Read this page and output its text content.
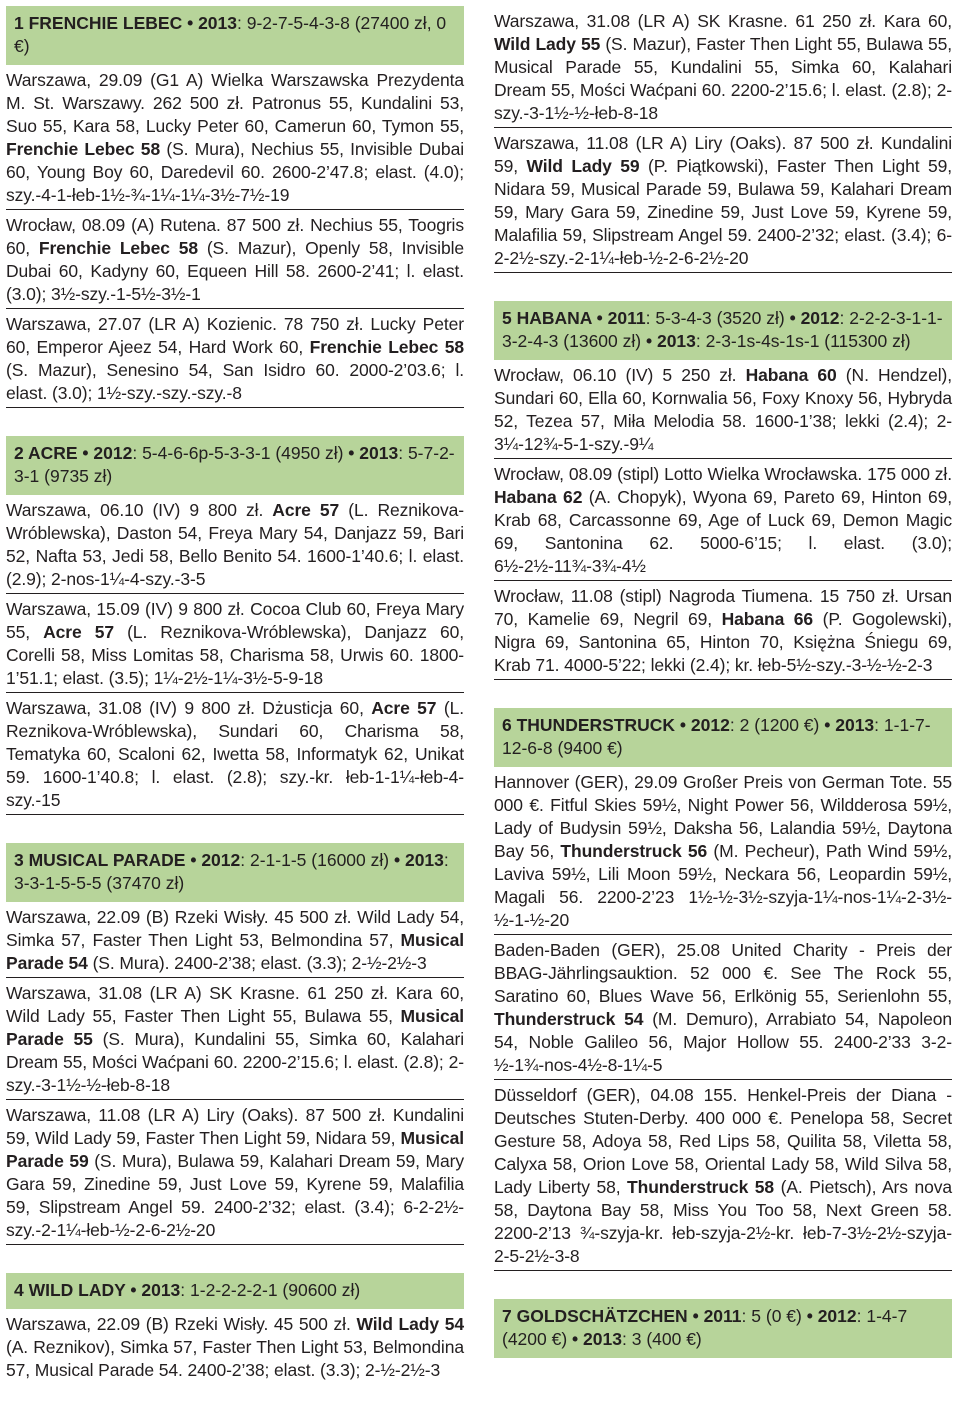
1 FRENCHIE LEBEC • 2013: 9-2-7-5-4-3-8 (27400 zł, 0 €)
Warszawa, 29.09 (G1 A) Wielka Warszawska Prezydenta M. St. Warszawy. 262 500 zł. Patronus 55, Kundalini 53, Suo 55, Kara 58, Lucky Peter 60, Camerun 60, Tymon 55, Frenchie Lebec 58 (S. Mura), Nechius 55, Invisible Dubai 60, Young Boy 60, Daredevil 60. 2600-2’47.8; elast. (4.0); szy.-4-1-łeb-1½-¾-1¼-1¼-3½-7½-19
Wrocław, 08.09 (A) Rutena. 87 500 zł. Nechius 55, Toogris 60, Frenchie Lebec 58 (S. Mazur), Openly 58, Invisible Dubai 60, Kadyny 60, Equeen Hill 58. 2600-2’41; l. elast. (3.0); 3½-szy.-1-5½-3½-1
Warszawa, 27.07 (LR A) Kozienic. 78 750 zł. Lucky Peter 60, Emperor Ajeez 54, Hard Work 60, Frenchie Lebec 58 (S. Mazur), Senesino 54, San Isidro 60. 2000-2’03.6; l. elast. (3.0); 1½-szy.-szy.-szy.-8
2 ACRE • 2012: 5-4-6-6p-5-3-3-1 (4950 zł) • 2013: 5-7-2-3-1 (9735 zł)
Warszawa, 06.10 (IV) 9 800 zł. Acre 57 (L. Reznikova-Wróblewska), Daston 54, Freya Mary 54, Danjazz 59, Bari 52, Nafta 53, Jedi 58, Bello Benito 54. 1600-1’40.6; l. elast. (2.9); 2-nos-1¼-4-szy.-3-5
Warszawa, 15.09 (IV) 9 800 zł. Cocoa Club 60, Freya Mary 55, Acre 57 (L. Reznikova-Wróblewska), Danjazz 60, Corelli 58, Miss Lomitas 58, Charisma 58, Urwis 60. 1800-1’51.1; elast. (3.5); 1¼-2½-1¼-3½-5-9-18
Warszawa, 31.08 (IV) 9 800 zł. Dżusticja 60, Acre 57 (L. Reznikova-Wróblewska), Sundari 60, Charisma 58, Tematyka 60, Scaloni 62, Iwetta 58, Informatyk 62, Unikat 59. 1600-1’40.8; l. elast. (2.8); szy.-kr. łeb-1-1¼-łeb-4-szy.-15
3 MUSICAL PARADE • 2012: 2-1-1-5 (16000 zł) • 2013: 3-3-1-5-5-5 (37470 zł)
Warszawa, 22.09 (B) Rzeki Wisły. 45 500 zł. Wild Lady 54, Simka 57, Faster Then Light 53, Belmondina 57, Musical Parade 54 (S. Mura). 2400-2’38; elast. (3.3); 2-½-2½-3
Warszawa, 31.08 (LR A) SK Krasne. 61 250 zł. Kara 60, Wild Lady 55, Faster Then Light 55, Bulawa 55, Musical Parade 55 (S. Mura), Kundalini 55, Simka 60, Kalahari Dream 55, Mości Waćpani 60. 2200-2’15.6; l. elast. (2.8); 2-szy.-3-1½-½-łeb-8-18
Warszawa, 11.08 (LR A) Liry (Oaks). 87 500 zł. Kundalini 59, Wild Lady 59, Faster Then Light 59, Nidara 59, Musical Parade 59 (S. Mura), Bulawa 59, Kalahari Dream 59, Mary Gara 59, Zinedine 59, Just Love 59, Kyrene 59, Malafilia 59, Slipstream Angel 59. 2400-2’32; elast. (3.4); 6-2-2½-szy.-2-1¼-łeb-½-2-6-2½-20
4 WILD LADY • 2013: 1-2-2-2-2-1 (90600 zł)
Warszawa, 22.09 (B) Rzeki Wisły. 45 500 zł. Wild Lady 54 (A. Reznikov), Simka 57, Faster Then Light 53, Belmondina 57, Musical Parade 54. 2400-2’38; elast. (3.3); 2-½-2½-3
Warszawa, 31.08 (LR A) SK Krasne. 61 250 zł. Kara 60, Wild Lady 55 (S. Mazur), Faster Then Light 55, Bulawa 55, Musical Parade 55, Kundalini 55, Simka 60, Kalahari Dream 55, Mości Waćpani 60. 2200-2’15.6; l. elast. (2.8); 2-szy.-3-1½-½-łeb-8-18
Warszawa, 11.08 (LR A) Liry (Oaks). 87 500 zł. Kundalini 59, Wild Lady 59 (P. Piątkowski), Faster Then Light 59, Nidara 59, Musical Parade 59, Bulawa 59, Kalahari Dream 59, Mary Gara 59, Zinedine 59, Just Love 59, Kyrene 59, Malafilia 59, Slipstream Angel 59. 2400-2’32; elast. (3.4); 6-2-2½-szy.-2-1¼-łeb-½-2-6-2½-20
5 HABANA • 2011: 5-3-4-3 (3520 zł) • 2012: 2-2-2-3-1-1-3-2-4-3 (13600 zł) • 2013: 2-3-1s-4s-1s-1 (115300 zł)
Wrocław, 06.10 (IV) 5 250 zł. Habana 60 (N. Hendzel), Sundari 60, Ella 60, Kornwalia 56, Foxy Knoxy 56, Hybryda 52, Tezea 57, Miła Melodia 58. 1600-1’38; lekki (2.4); 2-3¼-12¾-5-1-szy.-9¼
Wrocław, 08.09 (stipl) Lotto Wielka Wrocławska. 175 000 zł. Habana 62 (A. Chopyk), Wyona 69, Pareto 69, Hinton 69, Krab 68, Carcassonne 69, Age of Luck 69, Demon Magic 69, Santonina 62. 5000-6’15; l. elast. (3.0); 6½-2½-11¾-3¾-4½
Wrocław, 11.08 (stipl) Nagroda Tiumena. 15 750 zł. Ursan 70, Kamelie 69, Negril 69, Habana 66 (P. Gogolewski), Nigra 69, Santonina 65, Hinton 70, Księżna Śniegu 69, Krab 71. 4000-5’22; lekki (2.4); kr. łeb-5½-szy.-3-½-½-2-3
6 THUNDERSTRUCK • 2012: 2 (1200 €) • 2013: 1-1-7-12-6-8 (9400 €)
Hannover (GER), 29.09 Großer Preis von German Tote. 55 000 €. Fitful Skies 59½, Night Power 56, Wildderosa 59½, Lady of Budysin 59½, Daksha 56, Lalandia 59½, Daytona Bay 56, Thunderstruck 56 (M. Pecheur), Path Wind 59½, Laviva 59½, Lili Moon 59½, Neckara 56, Leopardin 59½, Magali 56. 2200-2’23 1½-½-3½-szyja-1¼-nos-1¼-2-3½-½-1-½-20
Baden-Baden (GER), 25.08 United Charity - Preis der BBAG-Jährlingsauktion. 52 000 €. See The Rock 55, Saratino 60, Blues Wave 56, Erlkönig 55, Serienlohn 55, Thunderstruck 54 (M. Demuro), Arrabiato 54, Napoleon 54, Noble Galileo 56, Major Hollow 55. 2400-2’33 3-2-½-1¾-nos-4½-8-1¼-5
Düsseldorf (GER), 04.08 155. Henkel-Preis der Diana - Deutsches Stuten-Derby. 400 000 €. Penelopa 58, Secret Gesture 58, Adoya 58, Red Lips 58, Quilita 58, Viletta 58, Calyxa 58, Orion Love 58, Oriental Lady 58, Wild Silva 58, Lady Liberty 58, Thunderstruck 58 (A. Pietsch), Ars nova 58, Daytona Bay 58, Miss You Too 58, Next Green 58. 2200-2’13 ¾-szyja-kr. łeb-szyja-2½-kr. łeb-7-3½-2½-szyja-2-5-2½-3-8
7 GOLDSCHÄTZCHEN • 2011: 5 (0 €) • 2012: 1-4-7 (4200 €) • 2013: 3 (400 €)
